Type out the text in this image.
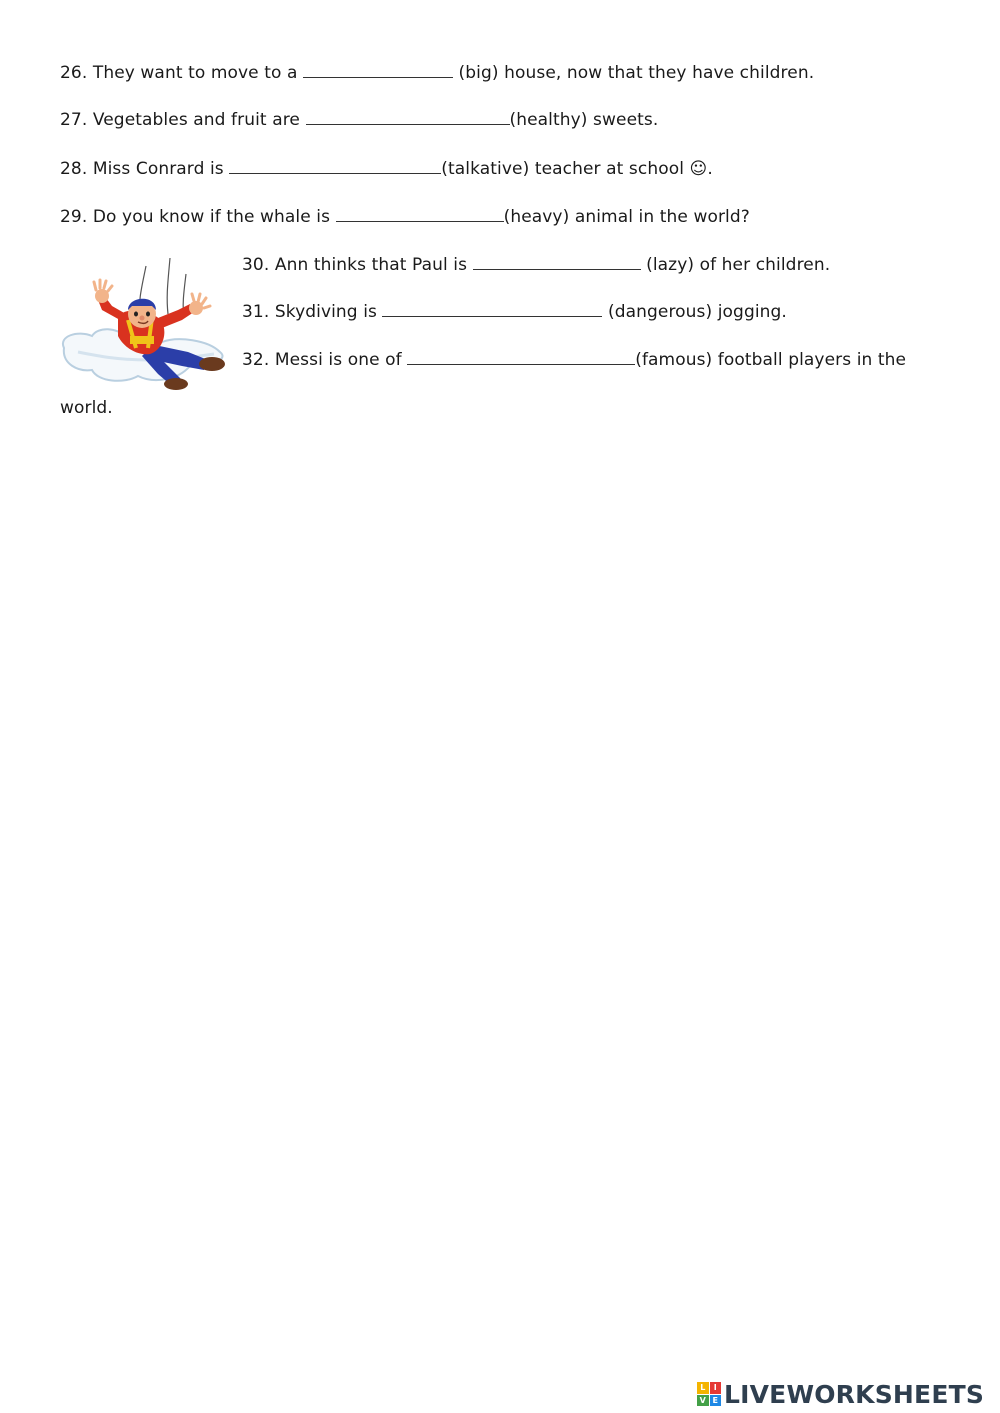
26. They want to move to a	(big) house, now that they have children.
27. Vegetables and fruit are	(healthy) sweets.
28. Miss Conrard is	(talkative) teacher at school ☺.
29. Do you know if the whale is	(heavy) animal in the world?
30. Ann thinks that Paul is	(lazy) of her children.
31. Skydiving is	(dangerous) jogging.
32. Messi is one of	(famous) football players in the
world.
L	I
V E LIVEWORKSHEETS
